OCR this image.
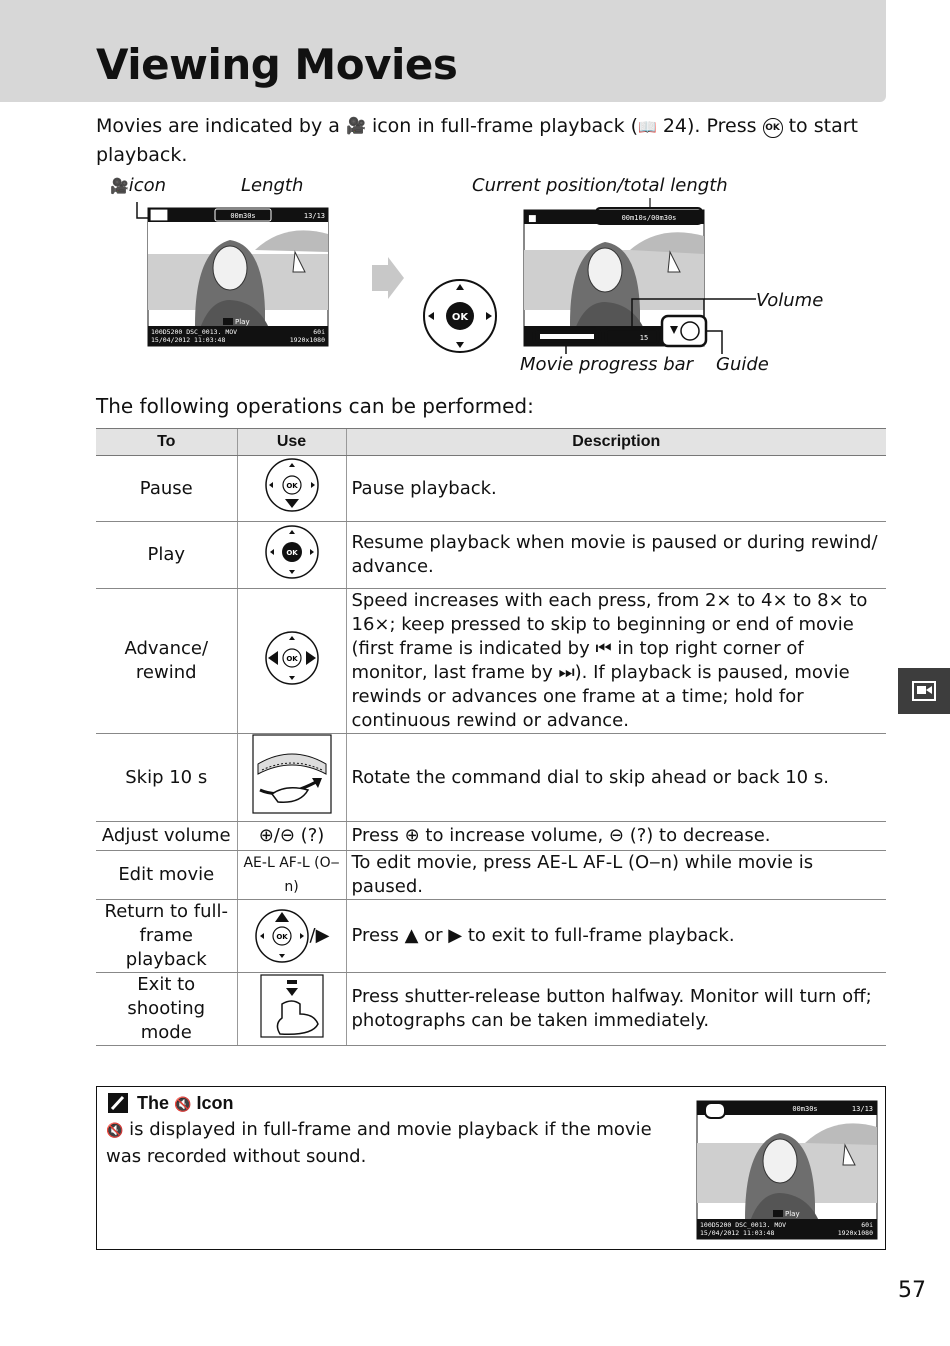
Viewing Movies
Movies are indicated by a 🎥 icon in full-frame playback (📖 24). Press OK to start playback.
🎥icon	Length	Current position/total length
Volume
Movie progress bar Guide
00m30s	13/13
Play
100D5200 DSC_0013. MOV
15/04/2012 11:03:48
60i
1920x1080
OK
■	00m10s/00m30s
15
The following operations can be performed:
To	Use	Description
Pause	OK	Pause playback.
Play	OK	Resume playback when movie is paused or during rewind/ advance.
Advance/ rewind	OK	Speed increases with each press, from 2× to 4× to 8× to 16×; keep pressed to skip to beginning or end of movie (first frame is indicated by ⏮ in top right corner of monitor, last frame by ⏭). If playback is paused, movie rewinds or advances one frame at a time; hold for continuous rewind or advance.
Skip 10 s		Rotate the command dial to skip ahead or back 10 s.
Adjust volume	⊕/⊖ (?)	Press ⊕ to increase volume, ⊖ (?) to decrease.
Edit movie	AE-L AF-L (O‒n)	To edit movie, press AE-L AF-L (O‒n) while movie is paused.
Return to full- frame playback	OK /▶	Press ▲ or ▶ to exit to full-frame playback.
Exit to shooting mode		Press shutter-release button halfway. Monitor will turn off; photographs can be taken immediately.
The 🔇 Icon
🔇 is displayed in full-frame and movie playback if the movie was recorded without sound.
00m30s	13/13
Play
100D5200 DSC_0013. MOV
15/04/2012 11:03:48
60i
1920x1080
57
